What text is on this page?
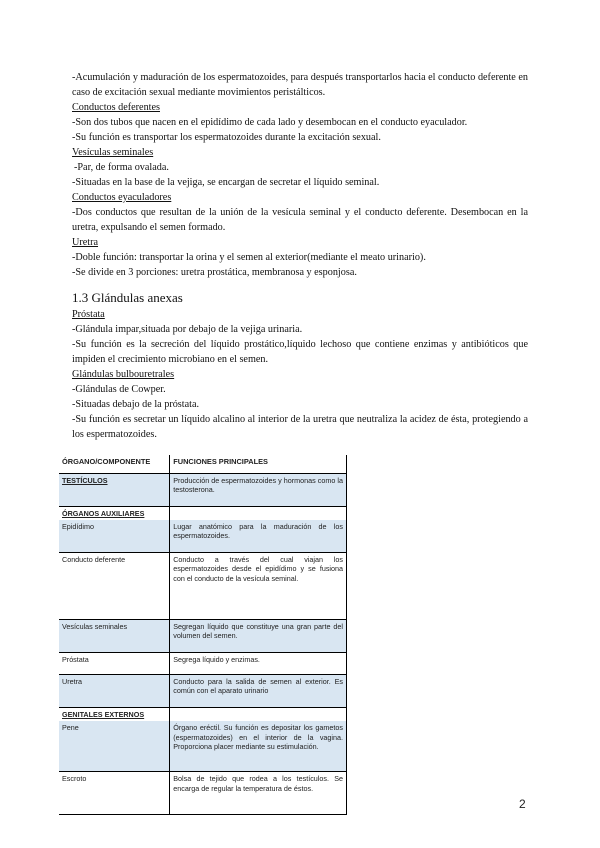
-Acumulación y maduración de los espermatozoides, para después transportarlos hacia el conducto deferente en caso de excitación sexual mediante movimientos peristálticos.

Conductos deferentes

-Son dos tubos que nacen en el epidídimo de cada lado y desembocan en el conducto eyaculador.

-Su función es transportar los espermatozoides durante la excitación sexual.

Vesículas seminales

-Par, de forma ovalada.

-Situadas en la base de la vejiga, se encargan de secretar el líquido seminal.

Conductos eyaculadores

-Dos conductos que resultan de la unión de la vesícula seminal y el conducto deferente. Desembocan en la uretra, expulsando el semen formado.

Uretra

-Doble función: transportar la orina y el semen al exterior(mediante el meato urinario).

-Se divide en 3 porciones: uretra prostática, membranosa y esponjosa.

1.3 Glándulas anexas

Próstata

-Glándula impar,situada por debajo de la vejiga urinaria.

-Su función es la secreción del líquido prostático,líquido lechoso que contiene enzimas y antibióticos que impiden el crecimiento microbiano en el semen.

Glándulas bulbouretrales

-Glándulas de Cowper.

-Situadas debajo de la próstata.

-Su función es secretar un líquido alcalino al interior de la uretra que neutraliza la acidez de ésta, protegiendo a los espermatozoides.

ÓRGANO/COMPONENTE	FUNCIONES PRINCIPALES
TESTÍCULOS	Producción de espermatozoides y hormonas como la testosterona.
ÓRGANOS AUXILIARES	
Epidídimo	Lugar anatómico para la maduración de los espermatozoides.
Conducto deferente	Conducto a través del cual viajan los espermatozoides desde el epidídimo y se fusiona con el conducto de la vesícula seminal.
Vesículas seminales	Segregan líquido que constituye una gran parte del volumen del semen.
Próstata	Segrega líquido y enzimas.
Uretra	Conducto para la salida de semen al exterior. Es común con el aparato urinario
GENITALES EXTERNOS	
Pene	Órgano eréctil. Su función es depositar los gametos (espermatozoides) en el interior de la vagina. Proporciona placer mediante su estimulación.
Escroto	Bolsa de tejido que rodea a los testículos. Se encarga de regular la temperatura de éstos.
2
